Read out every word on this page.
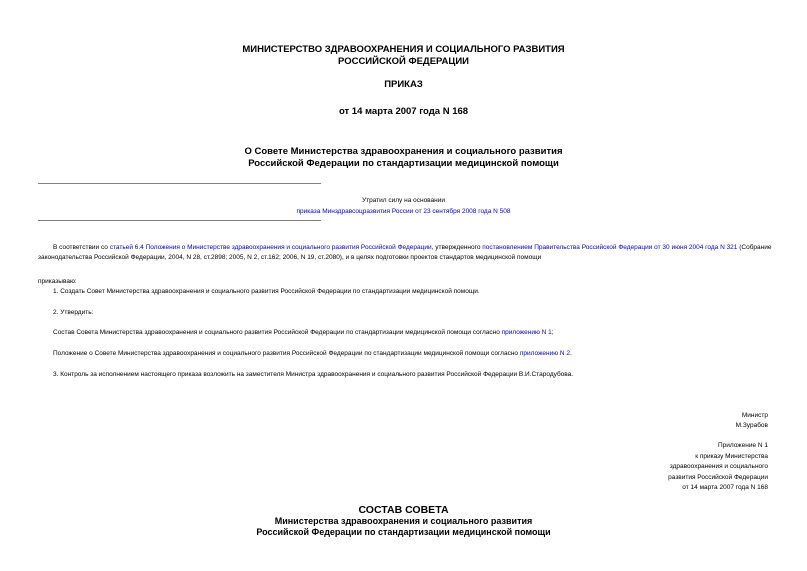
МИНИСТЕРСТВО ЗДРАВООХРАНЕНИЯ И СОЦИАЛЬНОГО РАЗВИТИЯ
РОССИЙСКОЙ ФЕДЕРАЦИИ
ПРИКАЗ
от 14 марта 2007 года N 168
О Совете Министерства здравоохранения и социального развития
Российской Федерации по стандартизации медицинской помощи
Утратил силу на основании
приказа Минздравсоцразвития России от 23 сентября 2008 года N 508
В соответствии со статьей 6.4 Положения о Министерстве здравоохранения и социального развития Российской Федерации, утвержденного постановлением Правительства Российской Федерации от 30 июня 2004 года N 321 (Собрание законодательства Российской Федерации, 2004, N 28, ст.2898; 2005, N 2, ст.162; 2006, N 19, ст.2080), и в целях подготовки проектов стандартов медицинской помощи
приказываю:
1. Создать Совет Министерства здравоохранения и социального развития Российской Федерации по стандартизации медицинской помощи.
2. Утвердить:
Состав Совета Министерства здравоохранения и социального развития Российской Федерации по стандартизации медицинской помощи согласно приложению N 1;
Положение о Совете Министерства здравоохранения и социального развития Российской Федерации по стандартизации медицинской помощи согласно приложению N 2.
3. Контроль за исполнением настоящего приказа возложить на заместителя Министра здравоохранения и социального развития Российской Федерации В.И.Стародубова.
Министр
М.Зурабов
Приложение N 1
к приказу Министерства
здравоохранения и социального
развития Российской Федерации
от 14 марта 2007 года N 168
СОСТАВ СОВЕТА
Министерства здравоохранения и социального развития
Российской Федерации по стандартизации медицинской помощи
